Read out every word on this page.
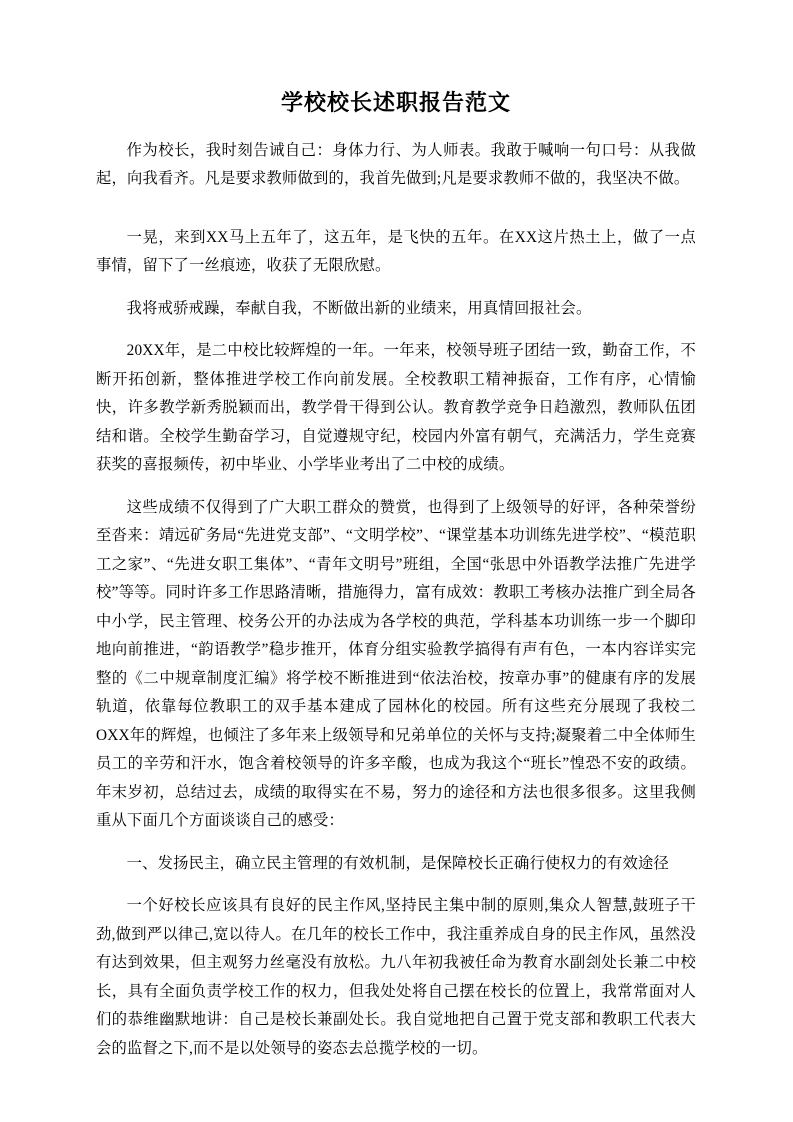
学校校长述职报告范文

作为校长，我时刻告诫自己：身体力行、为人师表。我敢于喊响一句口号：从我做起，向我看齐。凡是要求教师做到的，我首先做到;凡是要求教师不做的，我坚决不做。

一晃，来到XX马上五年了，这五年，是飞快的五年。在XX这片热土上，做了一点事情，留下了一丝痕迹，收获了无限欣慰。

我将戒骄戒躁，奉献自我，不断做出新的业绩来，用真情回报社会。

20XX年，是二中校比较辉煌的一年。一年来，校领导班子团结一致，勤奋工作，不断开拓创新，整体推进学校工作向前发展。全校教职工精神振奋，工作有序，心情愉快，许多教学新秀脱颖而出，教学骨干得到公认。教育教学竞争日趋激烈，教师队伍团结和谐。全校学生勤奋学习，自觉遵规守纪，校园内外富有朝气，充满活力，学生竞赛获奖的喜报频传，初中毕业、小学毕业考出了二中校的成绩。

这些成绩不仅得到了广大职工群众的赞赏，也得到了上级领导的好评，各种荣誉纷至沓来：靖远矿务局“先进党支部”、“文明学校”、“课堂基本功训练先进学校”、“模范职工之家”、“先进女职工集体”、“青年文明号”班组，全国“张思中外语教学法推广先进学校”等等。同时许多工作思路清晰，措施得力，富有成效：教职工考核办法推广到全局各中小学，民主管理、校务公开的办法成为各学校的典范，学科基本功训练一步一个脚印地向前推进，“韵语教学”稳步推开，体育分组实验教学搞得有声有色，一本内容详实完整的《二中规章制度汇编》将学校不断推进到“依法治校，按章办事”的健康有序的发展轨道，依靠每位教职工的双手基本建成了园林化的校园。所有这些充分展现了我校二OXX年的辉煌，也倾注了多年来上级领导和兄弟单位的关怀与支持;凝聚着二中全体师生员工的辛劳和汗水，饱含着校领导的许多辛酸，也成为我这个“班长”惶恐不安的政绩。年末岁初，总结过去，成绩的取得实在不易，努力的途径和方法也很多很多。这里我侧重从下面几个方面谈谈自己的感受：

一、发扬民主，确立民主管理的有效机制，是保障校长正确行使权力的有效途径

一个好校长应该具有良好的民主作风,坚持民主集中制的原则,集众人智慧,鼓班子干劲,做到严以律己,宽以待人。在几年的校长工作中，我注重养成自身的民主作风，虽然没有达到效果，但主观努力丝毫没有放松。九八年初我被任命为教育水副刽处长兼二中校长，具有全面负责学校工作的权力，但我处处将自己摆在校长的位置上，我常常面对人们的恭维幽默地讲：自己是校长兼副处长。我自觉地把自己置于党支部和教职工代表大会的监督之下,而不是以处领导的姿态去总揽学校的一切。
